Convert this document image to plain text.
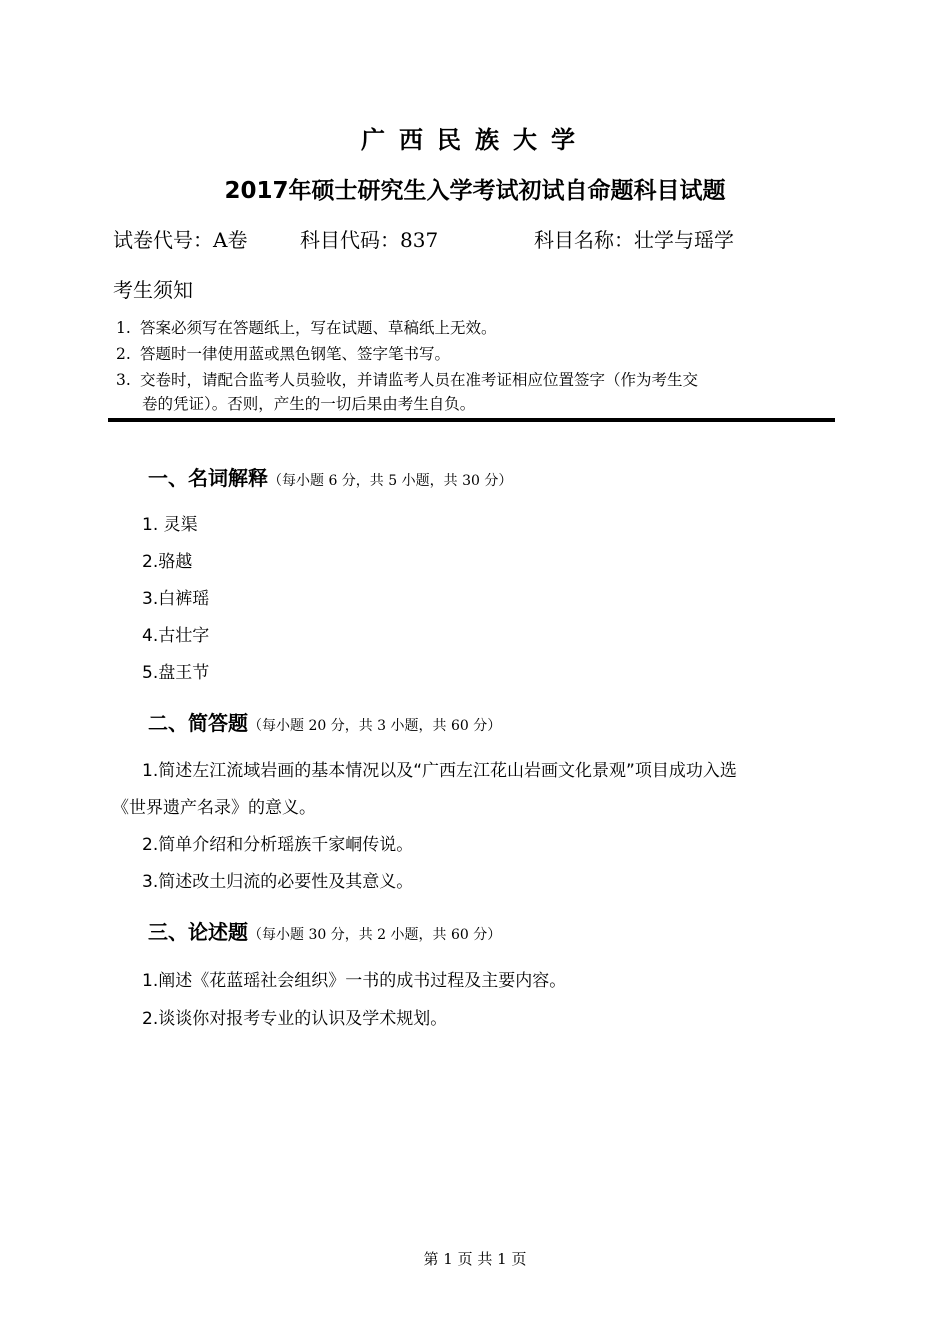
广西民族大学
2017年硕士研究生入学考试初试自命题科目试题
试卷代号：A卷	科目代码：837	科目名称：壮学与瑶学
考生须知
1. 答案必须写在答题纸上，写在试题、草稿纸上无效。
2. 答题时一律使用蓝或黑色钢笔、签字笔书写。
3. 交卷时，请配合监考人员验收，并请监考人员在准考证相应位置签字（作为考生交
卷的凭证）。否则，产生的一切后果由考生自负。
一、名词解释（每小题 6 分，共 5 小题，共 30 分）
1. 灵渠
2.骆越
3.白裤瑶
4.古壮字
5.盘王节
二、简答题（每小题 20 分，共 3 小题，共 60 分）
1.简述左江流域岩画的基本情况以及“广西左江花山岩画文化景观”项目成功入选
《世界遗产名录》的意义。
2.简单介绍和分析瑶族千家峒传说。
3.简述改土归流的必要性及其意义。
三、论述题（每小题 30 分，共 2 小题，共 60 分）
1.阐述《花蓝瑶社会组织》一书的成书过程及主要内容。
2.谈谈你对报考专业的认识及学术规划。
第 1 页 共 1 页
